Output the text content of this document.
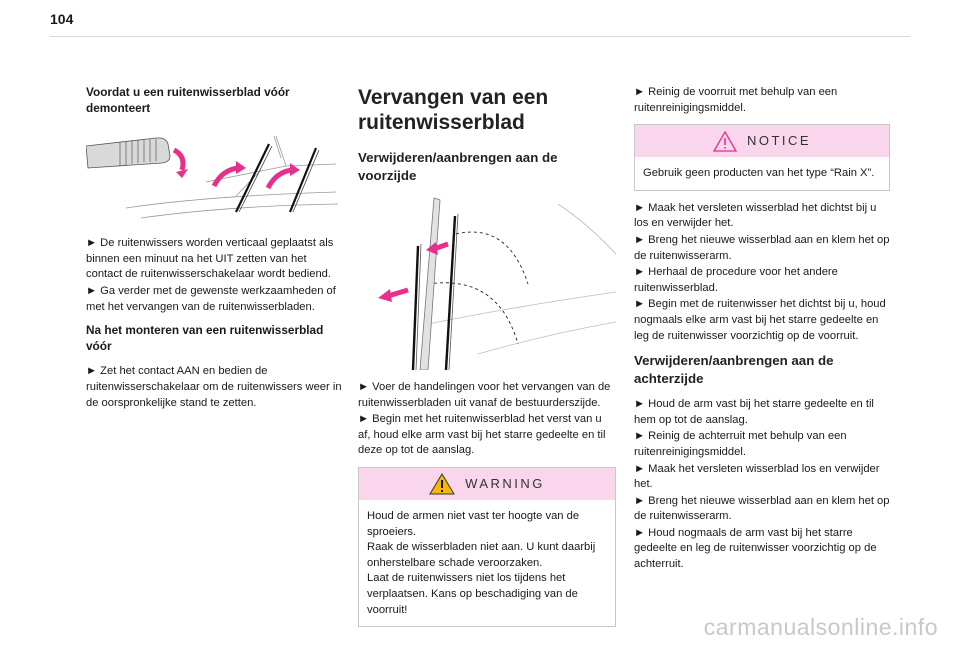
104
Voordat u een ruitenwisserblad vóór demonteert

► De ruitenwissers worden verticaal geplaatst als binnen een minuut na het UIT zetten van het contact de ruitenwisserschakelaar wordt bediend.

► Ga verder met de gewenste werkzaamheden of met het vervangen van de ruitenwisserbladen.

Na het monteren van een ruitenwisserblad vóór

► Zet het contact AAN en bedien de ruitenwisserschakelaar om de ruitenwissers weer in de oorspronkelijke stand te zetten.

Vervangen van een ruitenwisserblad
Verwijderen/aanbrengen aan de voorzijde

► Voer de handelingen voor het vervangen van de ruitenwisserbladen uit vanaf de bestuurderszijde.

► Begin met het ruitenwisserblad het verst van u af, houd elke arm vast bij het starre gedeelte en til deze op tot de aanslag.

WARNING
Houd de armen niet vast ter hoogte van de sproeiers.
Raak de wisserbladen niet aan. U kunt daarbij onherstelbare schade veroorzaken.
Laat de ruitenwissers niet los tijdens het verplaatsen. Kans op beschadiging van de voorruit!

► Reinig de voorruit met behulp van een ruitenreinigingsmiddel.

NOTICE
Gebruik geen producten van het type “Rain X”.

► Maak het versleten wisserblad het dichtst bij u los en verwijder het.

► Breng het nieuwe wisserblad aan en klem het op de ruitenwisserarm.

► Herhaal de procedure voor het andere ruitenwisserblad.

► Begin met de ruitenwisser het dichtst bij u, houd nogmaals elke arm vast bij het starre gedeelte en leg de ruitenwisser voorzichtig op de voorruit.

Verwijderen/aanbrengen aan de achterzijde

► Houd de arm vast bij het starre gedeelte en til hem op tot de aanslag.

► Reinig de achterruit met behulp van een ruitenreinigingsmiddel.

► Maak het versleten wisserblad los en verwijder het.

► Breng het nieuwe wisserblad aan en klem het op de ruitenwisserarm.

► Houd nogmaals de arm vast bij het starre gedeelte en leg de ruitenwisser voorzichtig op de achterruit.

carmanualsonline.info
